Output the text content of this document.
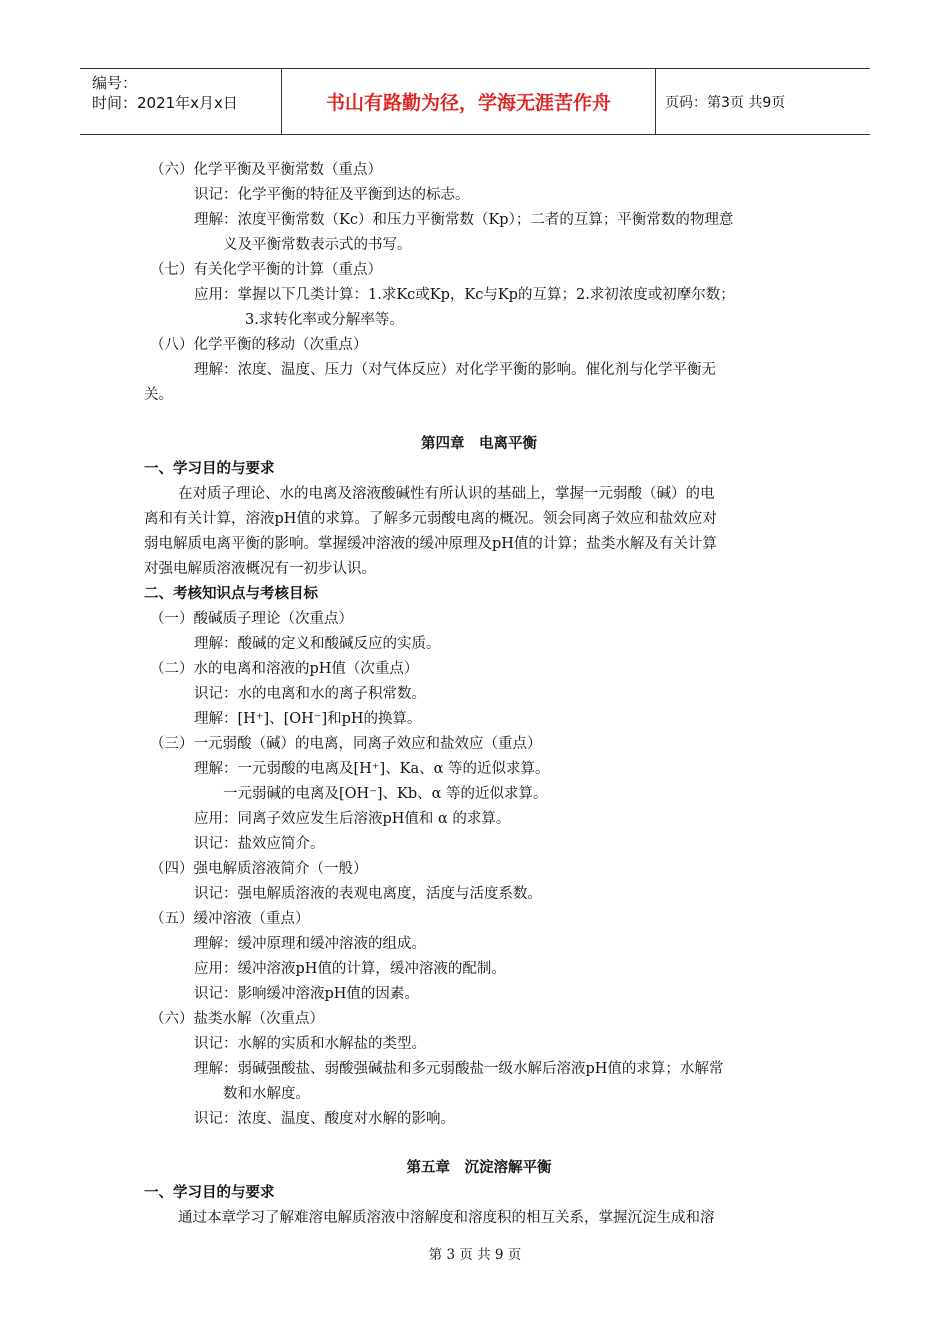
编号：
时间：2021年x月x日	书山有路勤为径，学海无涯苦作舟	页码：第3页 共9页
（六）化学平衡及平衡常数（重点）
识记：化学平衡的特征及平衡到达的标志。
理解：浓度平衡常数（Kc）和压力平衡常数（Kp）；二者的互算；平衡常数的物理意
义及平衡常数表示式的书写。
（七）有关化学平衡的计算（重点）
应用：掌握以下几类计算：1.求Kc或Kp，Kc与Kp的互算；2.求初浓度或初摩尔数；
3.求转化率或分解率等。
（八）化学平衡的移动（次重点）
理解：浓度、温度、压力（对气体反应）对化学平衡的影响。催化剂与化学平衡无
关。
第四章　电离平衡
一、学习目的与要求
在对质子理论、水的电离及溶液酸碱性有所认识的基础上，掌握一元弱酸（碱）的电
离和有关计算，溶液pH值的求算。了解多元弱酸电离的概况。领会同离子效应和盐效应对
弱电解质电离平衡的影响。掌握缓冲溶液的缓冲原理及pH值的计算；盐类水解及有关计算
对强电解质溶液概况有一初步认识。
二、考核知识点与考核目标
（一）酸碱质子理论（次重点）
理解：酸碱的定义和酸碱反应的实质。
（二）水的电离和溶液的pH值（次重点）
识记：水的电离和水的离子积常数。
理解：[H⁺]、[OH⁻]和pH的换算。
（三）一元弱酸（碱）的电离，同离子效应和盐效应（重点）
理解：一元弱酸的电离及[H⁺]、Ka、α 等的近似求算。
一元弱碱的电离及[OH⁻]、Kb、α 等的近似求算。
应用：同离子效应发生后溶液pH值和 α 的求算。
识记：盐效应简介。
（四）强电解质溶液简介（一般）
识记：强电解质溶液的表观电离度，活度与活度系数。
（五）缓冲溶液（重点）
理解：缓冲原理和缓冲溶液的组成。
应用：缓冲溶液pH值的计算，缓冲溶液的配制。
识记：影响缓冲溶液pH值的因素。
（六）盐类水解（次重点）
识记：水解的实质和水解盐的类型。
理解：弱碱强酸盐、弱酸强碱盐和多元弱酸盐一级水解后溶液pH值的求算；水解常
数和水解度。
识记：浓度、温度、酸度对水解的影响。
第五章　沉淀溶解平衡
一、学习目的与要求
通过本章学习了解难溶电解质溶液中溶解度和溶度积的相互关系，掌握沉淀生成和溶
第 3 页 共 9 页
